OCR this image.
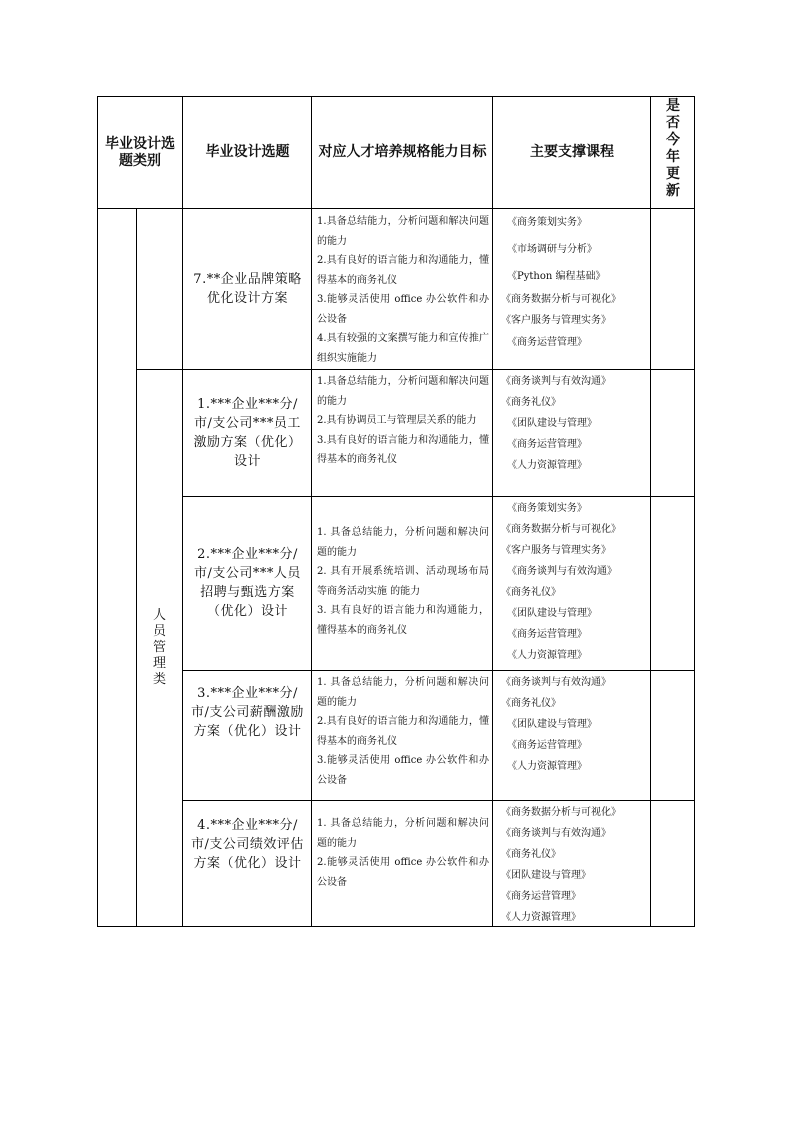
毕业设计选题类别
毕业设计选题 对应人才培养规格能力目标	主要支撑课程
是
否
今
年
更
新
人员管理类
7.**企业品牌策略优化设计方案
1.具备总结能力，分析问题和解决问题的能力
2.具有良好的语言能力和沟通能力，懂得基本的商务礼仪
3.能够灵活使用 office 办公软件和办公设备
4.具有较强的文案撰写能力和宣传推广组织实施能力
《商务策划实务》
《市场调研与分析》
《Python 编程基础》
《商务数据分析与可视化》
《客户服务与管理实务》
《商务运营管理》
1.***企业***分/市/支公司***员工激励方案（优化）设计
1.具备总结能力，分析问题和解决问题的能力
2.具有协调员工与管理层关系的能力
3.具有良好的语言能力和沟通能力，懂得基本的商务礼仪
《商务谈判与有效沟通》
《商务礼仪》
《团队建设与管理》
《商务运营管理》
《人力资源管理》
2.***企业***分/市/支公司***人员招聘与甄选方案（优化）设计
1. 具备总结能力，分析问题和解决问题的能力
2. 具有开展系统培训、活动现场布局等商务活动实施 的能力
3. 具有良好的语言能力和沟通能力，懂得基本的商务礼仪
《商务策划实务》
《商务数据分析与可视化》
《客户服务与管理实务》
《商务谈判与有效沟通》
《商务礼仪》
《团队建设与管理》
《商务运营管理》
《人力资源管理》
3.***企业***分/市/支公司薪酬激励方案（优化）设计
1. 具备总结能力，分析问题和解决问题的能力
2.具有良好的语言能力和沟通能力，懂得基本的商务礼仪
3.能够灵活使用 office 办公软件和办公设备
《商务谈判与有效沟通》
《商务礼仪》
《团队建设与管理》
《商务运营管理》
《人力资源管理》
4.***企业***分/市/支公司绩效评估方案（优化）设计
1. 具备总结能力，分析问题和解决问题的能力
2.能够灵活使用 office 办公软件和办公设备
《商务数据分析与可视化》
《商务谈判与有效沟通》
《商务礼仪》
《团队建设与管理》
《商务运营管理》
《人力资源管理》
